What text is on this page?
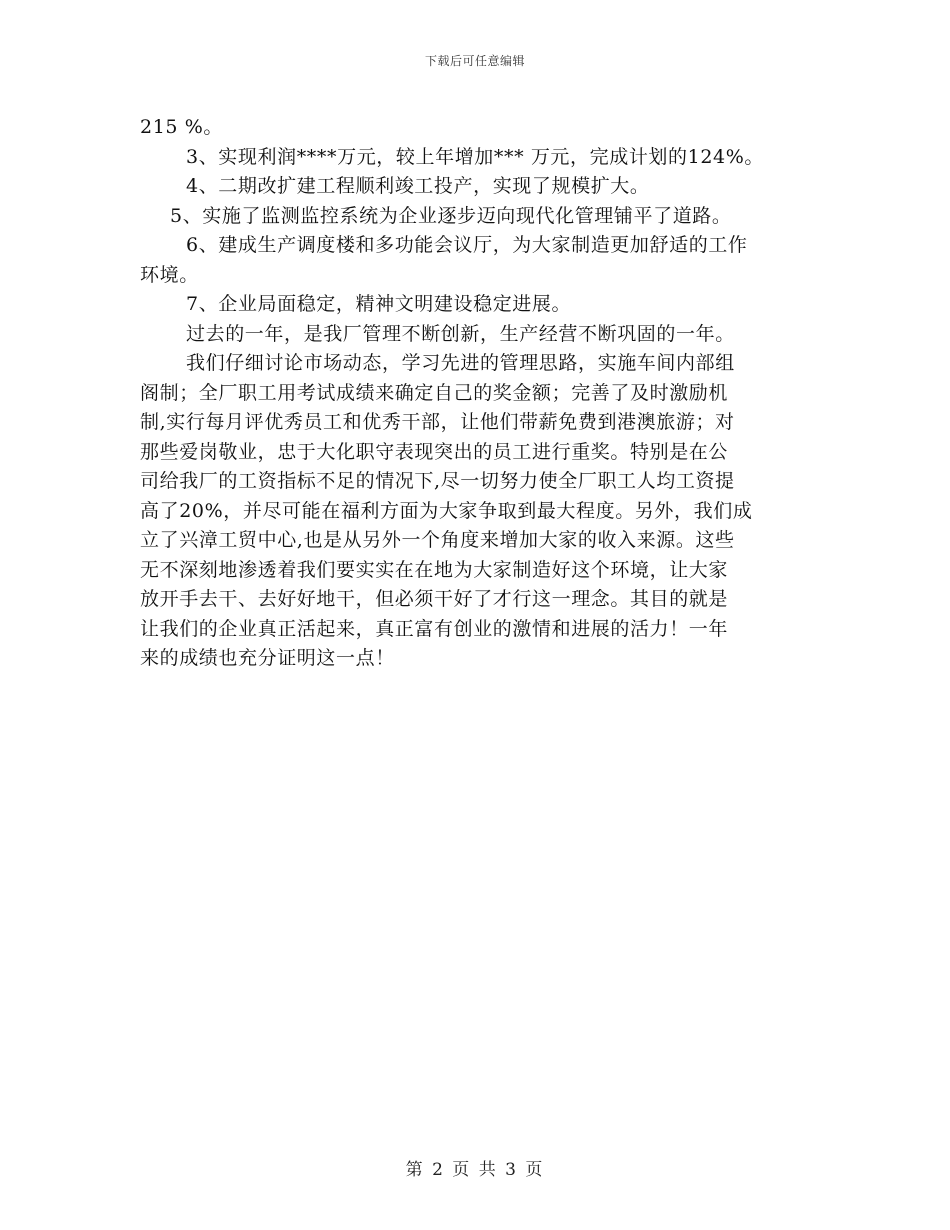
下载后可任意编辑

215 %。

3、实现利润****万元，较上年增加*** 万元，完成计划的124%。

4、二期改扩建工程顺利竣工投产，实现了规模扩大。

5、实施了监测监控系统为企业逐步迈向现代化管理铺平了道路。

6、建成生产调度楼和多功能会议厅，为大家制造更加舒适的工作

环境。

7、企业局面稳定，精神文明建设稳定进展。

过去的一年，是我厂管理不断创新，生产经营不断巩固的一年。

我们仔细讨论市场动态，学习先进的管理思路，实施车间内部组

阁制；全厂职工用考试成绩来确定自己的奖金额；完善了及时激励机

制,实行每月评优秀员工和优秀干部，让他们带薪免费到港澳旅游；对

那些爱岗敬业，忠于大化职守表现突出的员工进行重奖。特别是在公

司给我厂的工资指标不足的情况下,尽一切努力使全厂职工人均工资提

高了20%，并尽可能在福利方面为大家争取到最大程度。另外，我们成

立了兴漳工贸中心,也是从另外一个角度来增加大家的收入来源。这些

无不深刻地渗透着我们要实实在在地为大家制造好这个环境，让大家

放开手去干、去好好地干，但必须干好了才行这一理念。其目的就是

让我们的企业真正活起来，真正富有创业的激情和进展的活力！一年

来的成绩也充分证明这一点！

第 2 页 共 3 页
